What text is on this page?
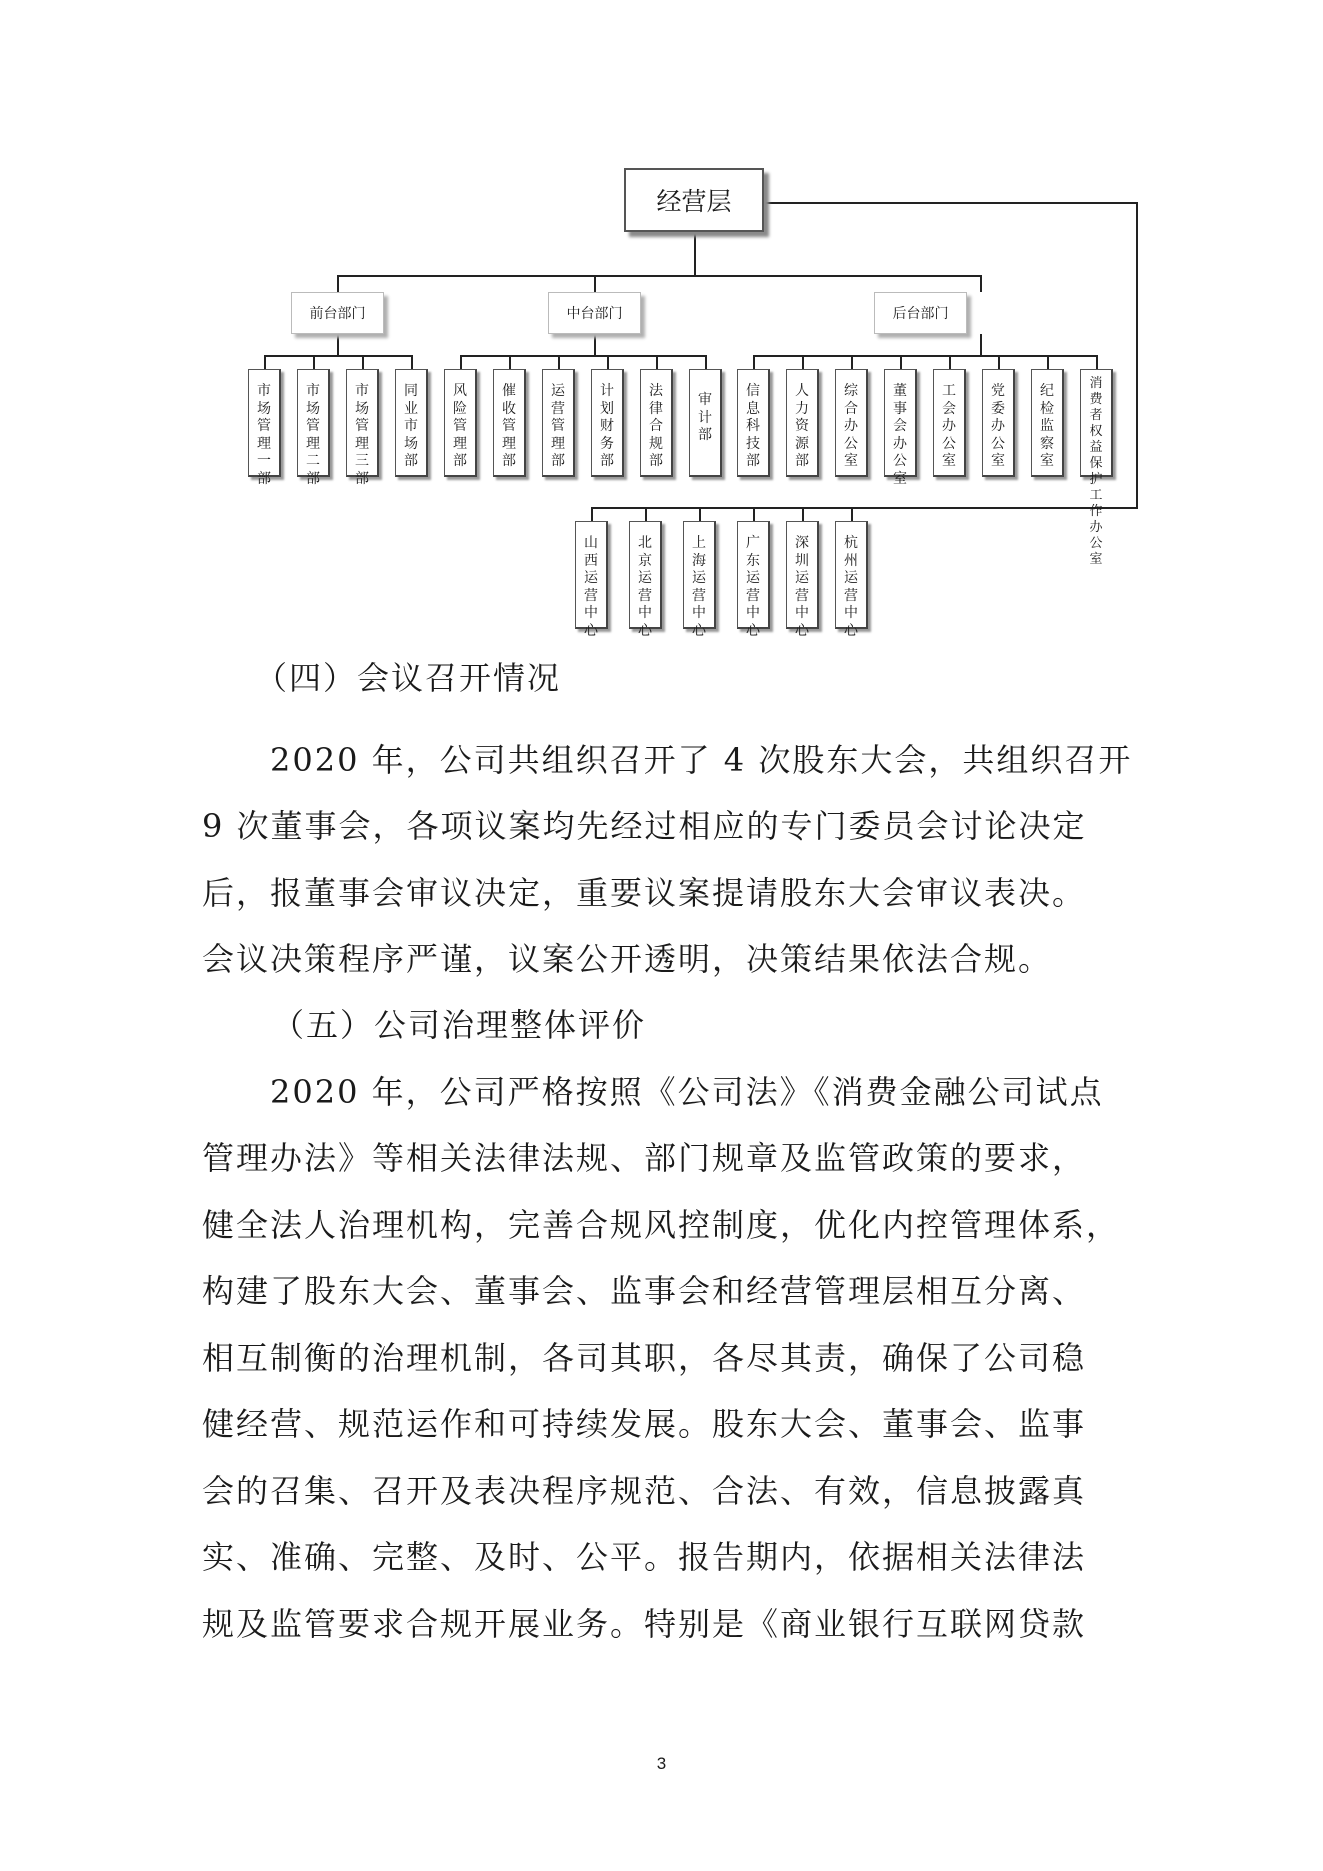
经营层
前台部门	中台部门	后台部门
市场管理一部
市场管理二部
市场管理三部
同业市场部
风险管理部
催收管理部
运营管理部
计划财务部
法律合规部
审计部
信息科技部
人力资源部
综合办公室
董事会办公室
工会办公室
党委办公室
纪检监察室
消费者权益保护工作办公室
山西运营中心
北京运营中心
上海运营中心
广东运营中心
深圳运营中心
杭州运营中心
（四）会议召开情况
2020 年，公司共组织召开了 4 次股东大会，共组织召开
9 次董事会，各项议案均先经过相应的专门委员会讨论决定
后，报董事会审议决定，重要议案提请股东大会审议表决。
会议决策程序严谨，议案公开透明，决策结果依法合规。
（五）公司治理整体评价
2020 年，公司严格按照《公司法》《消费金融公司试点
管理办法》等相关法律法规、部门规章及监管政策的要求，
健全法人治理机构，完善合规风控制度，优化内控管理体系，
构建了股东大会、董事会、监事会和经营管理层相互分离、
相互制衡的治理机制，各司其职，各尽其责，确保了公司稳
健经营、规范运作和可持续发展。股东大会、董事会、监事
会的召集、召开及表决程序规范、合法、有效，信息披露真
实、准确、完整、及时、公平。报告期内，依据相关法律法
规及监管要求合规开展业务。特别是《商业银行互联网贷款
3
